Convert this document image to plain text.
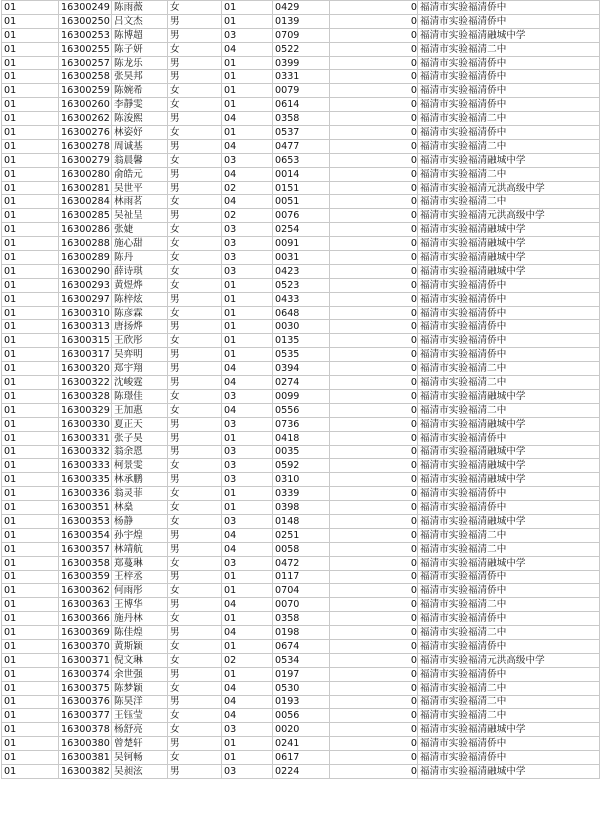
01	16300249	陈雨薇	女	01	0429	0	福清市实验福清侨中
01	16300250	吕文杰	男	01	0139	0	福清市实验福清侨中
01	16300253	陈博超	男	03	0709	0	福清市实验福清融城中学
01	16300255	陈子妍	女	04	0522	0	福清市实验福清二中
01	16300257	陈龙乐	男	01	0399	0	福清市实验福清侨中
01	16300258	张昊邦	男	01	0331	0	福清市实验福清侨中
01	16300259	陈婉希	女	01	0079	0	福清市实验福清侨中
01	16300260	李靜雯	女	01	0614	0	福清市实验福清侨中
01	16300262	陈浚熙	男	04	0358	0	福清市实验福清二中
01	16300276	林姿妤	女	01	0537	0	福清市实验福清侨中
01	16300278	周诚基	男	04	0477	0	福清市实验福清二中
01	16300279	翁晨馨	女	03	0653	0	福清市实验福清融城中学
01	16300280	俞皓元	男	04	0014	0	福清市实验福清二中
01	16300281	吴世平	男	02	0151	0	福清市实验福清元洪高级中学
01	16300284	林雨茗	女	04	0051	0	福清市实验福清二中
01	16300285	吴祉呈	男	02	0076	0	福清市实验福清元洪高级中学
01	16300286	张婕	女	03	0254	0	福清市实验福清融城中学
01	16300288	施心甜	女	03	0091	0	福清市实验福清融城中学
01	16300289	陈丹	女	03	0031	0	福清市实验福清融城中学
01	16300290	薛诗琪	女	03	0423	0	福清市实验福清融城中学
01	16300293	黄煜烨	女	01	0523	0	福清市实验福清侨中
01	16300297	陈梓炫	男	01	0433	0	福清市实验福清侨中
01	16300310	陈彦霖	女	01	0648	0	福清市实验福清侨中
01	16300313	唐扬烨	男	01	0030	0	福清市实验福清侨中
01	16300315	王欣彤	女	01	0135	0	福清市实验福清侨中
01	16300317	吴弈明	男	01	0535	0	福清市实验福清侨中
01	16300320	郑宇翔	男	04	0394	0	福清市实验福清二中
01	16300322	沈峻霆	男	04	0274	0	福清市实验福清二中
01	16300328	陈璟佳	女	03	0099	0	福清市实验福清融城中学
01	16300329	王加惠	女	04	0556	0	福清市实验福清二中
01	16300330	夏正天	男	03	0736	0	福清市实验福清融城中学
01	16300331	张子昊	男	01	0418	0	福清市实验福清侨中
01	16300332	翁余恩	男	03	0035	0	福清市实验福清融城中学
01	16300333	柯景雯	女	03	0592	0	福清市实验福清融城中学
01	16300335	林承鹏	男	03	0310	0	福清市实验福清融城中学
01	16300336	翁灵菲	女	01	0339	0	福清市实验福清侨中
01	16300351	林燊	女	01	0398	0	福清市实验福清侨中
01	16300353	杨静	女	03	0148	0	福清市实验福清融城中学
01	16300354	孙宇煌	男	04	0251	0	福清市实验福清二中
01	16300357	林靖航	男	04	0058	0	福清市实验福清二中
01	16300358	郑蔓琳	女	03	0472	0	福清市实验福清融城中学
01	16300359	王梓丞	男	01	0117	0	福清市实验福清侨中
01	16300362	何雨彤	女	01	0704	0	福清市实验福清侨中
01	16300363	王博华	男	04	0070	0	福清市实验福清二中
01	16300366	施丹林	女	01	0358	0	福清市实验福清侨中
01	16300369	陈佳煌	男	04	0198	0	福清市实验福清二中
01	16300370	黄斯颖	女	01	0674	0	福清市实验福清侨中
01	16300371	倪文琳	女	02	0534	0	福清市实验福清元洪高级中学
01	16300374	余世强	男	01	0197	0	福清市实验福清侨中
01	16300375	陈梦颖	女	04	0530	0	福清市实验福清二中
01	16300376	陈昊洋	男	04	0193	0	福清市实验福清二中
01	16300377	王钰莹	女	04	0056	0	福清市实验福清二中
01	16300378	杨舒亮	女	03	0020	0	福清市实验福清融城中学
01	16300380	曾楚轩	男	01	0241	0	福清市实验福清侨中
01	16300381	吴钶畅	女	01	0617	0	福清市实验福清侨中
01	16300382	吴昶泫	男	03	0224	0	福清市实验福清融城中学
